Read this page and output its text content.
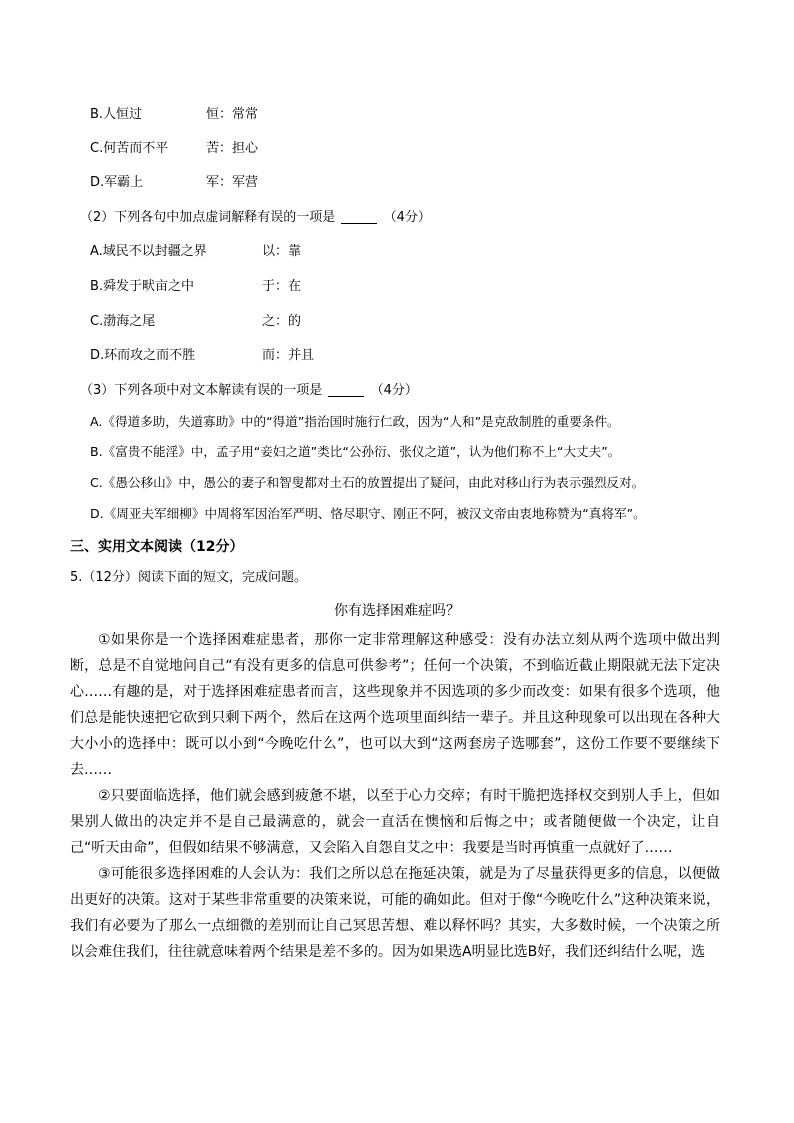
B.人恒过	恒：常常
C.何苦而不平	苦：担心
D.军霸上	军：军营
（2）下列各句中加点虚词解释有误的一项是	（4分）
A.域民不以封疆之界	以：靠
B.舜发于畎亩之中	于：在
C.渤海之尾	之：的
D.环而攻之而不胜	而：并且
（3）下列各项中对文本解读有误的一项是	（4分）
A.《得道多助，失道寡助》中的“得道”指治国时施行仁政，因为“人和”是克敌制胜的重要条件。
B.《富贵不能淫》中，孟子用“妾妇之道”类比“公孙衍、张仪之道”，认为他们称不上“大丈夫”。
C.《愚公移山》中，愚公的妻子和智叟都对土石的放置提出了疑问，由此对移山行为表示强烈反对。
D.《周亚夫军细柳》中周将军因治军严明、恪尽职守、刚正不阿，被汉文帝由衷地称赞为“真将军”。
三、实用文本阅读（12分）
5.（12分）阅读下面的短文，完成问题。
你有选择困难症吗？

①如果你是一个选择困难症患者，那你一定非常理解这种感受：没有办法立刻从两个选项中做出判断，总是不自觉地问自己“有没有更多的信息可供参考”；任何一个决策，不到临近截止期限就无法下定决心……有趣的是，对于选择困难症患者而言，这些现象并不因选项的多少而改变：如果有很多个选项，他们总是能快速把它砍到只剩下两个，然后在这两个选项里面纠结一辈子。并且这种现象可以出现在各种大大小小的选择中：既可以小到“今晚吃什么”，也可以大到“这两套房子选哪套”，这份工作要不要继续下去……

②只要面临选择，他们就会感到疲惫不堪，以至于心力交瘁；有时干脆把选择权交到别人手上，但如果别人做出的决定并不是自己最满意的，就会一直活在懊恼和后悔之中；或者随便做一个决定，让自己“听天由命”，但假如结果不够满意，又会陷入自怨自艾之中：我要是当时再慎重一点就好了……

③可能很多选择困难的人会认为：我们之所以总在拖延决策，就是为了尽量获得更多的信息，以便做出更好的决策。这对于某些非常重要的决策来说，可能的确如此。但对于像“今晚吃什么”这种决策来说，我们有必要为了那么一点细微的差别而让自己冥思苦想、难以释怀吗？其实，大多数时候，一个决策之所以会难住我们，往往就意味着两个结果是差不多的。因为如果选A明显比选B好，我们还纠结什么呢，选
